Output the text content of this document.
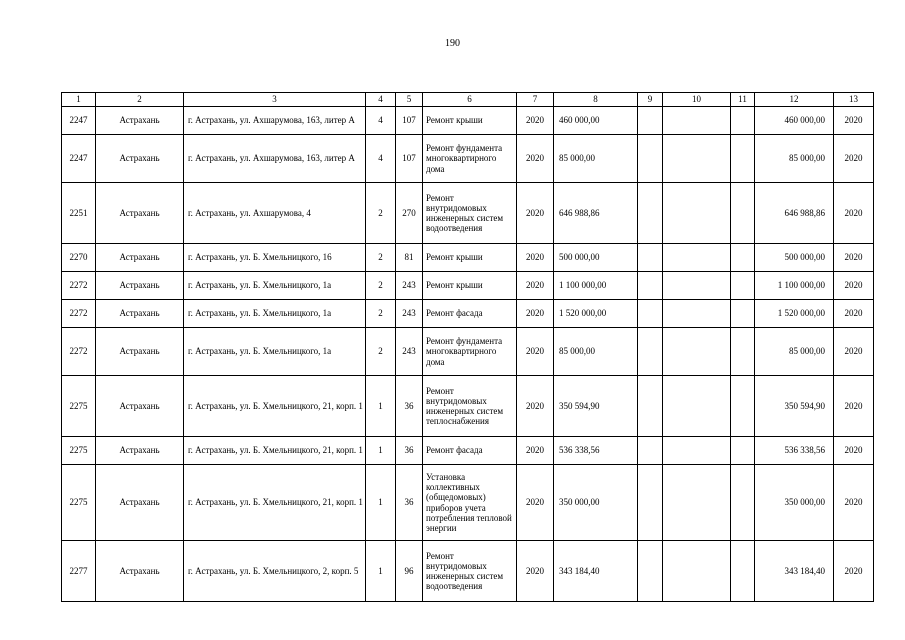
190
1	2	3	4	5	6	7	8	9	10	11	12	13
2247	Астрахань	г. Астрахань, ул. Ахшарумова, 163, литер А	4	107	Ремонт крыши	2020	460 000,00				460 000,00	2020
2247	Астрахань	г. Астрахань, ул. Ахшарумова, 163, литер А	4	107	Ремонт фундамента многоквартирного дома	2020	85 000,00				85 000,00	2020
2251	Астрахань	г. Астрахань, ул. Ахшарумова, 4	2	270	Ремонт внутридомовых инженерных систем водоотведения	2020	646 988,86				646 988,86	2020
2270	Астрахань	г. Астрахань, ул. Б. Хмельницкого, 16	2	81	Ремонт крыши	2020	500 000,00				500 000,00	2020
2272	Астрахань	г. Астрахань, ул. Б. Хмельницкого, 1а	2	243	Ремонт крыши	2020	1 100 000,00				1 100 000,00	2020
2272	Астрахань	г. Астрахань, ул. Б. Хмельницкого, 1а	2	243	Ремонт фасада	2020	1 520 000,00				1 520 000,00	2020
2272	Астрахань	г. Астрахань, ул. Б. Хмельницкого, 1а	2	243	Ремонт фундамента многоквартирного дома	2020	85 000,00				85 000,00	2020
2275	Астрахань	г. Астрахань, ул. Б. Хмельницкого, 21, корп. 1	1	36	Ремонт внутридомовых инженерных систем теплоснабжения	2020	350 594,90				350 594,90	2020
2275	Астрахань	г. Астрахань, ул. Б. Хмельницкого, 21, корп. 1	1	36	Ремонт фасада	2020	536 338,56				536 338,56	2020
2275	Астрахань	г. Астрахань, ул. Б. Хмельницкого, 21, корп. 1	1	36	Установка коллективных (общедомовых) приборов учета потребления тепловой энергии	2020	350 000,00				350 000,00	2020
2277	Астрахань	г. Астрахань, ул. Б. Хмельницкого, 2, корп. 5	1	96	Ремонт внутридомовых инженерных систем водоотведения	2020	343 184,40				343 184,40	2020
